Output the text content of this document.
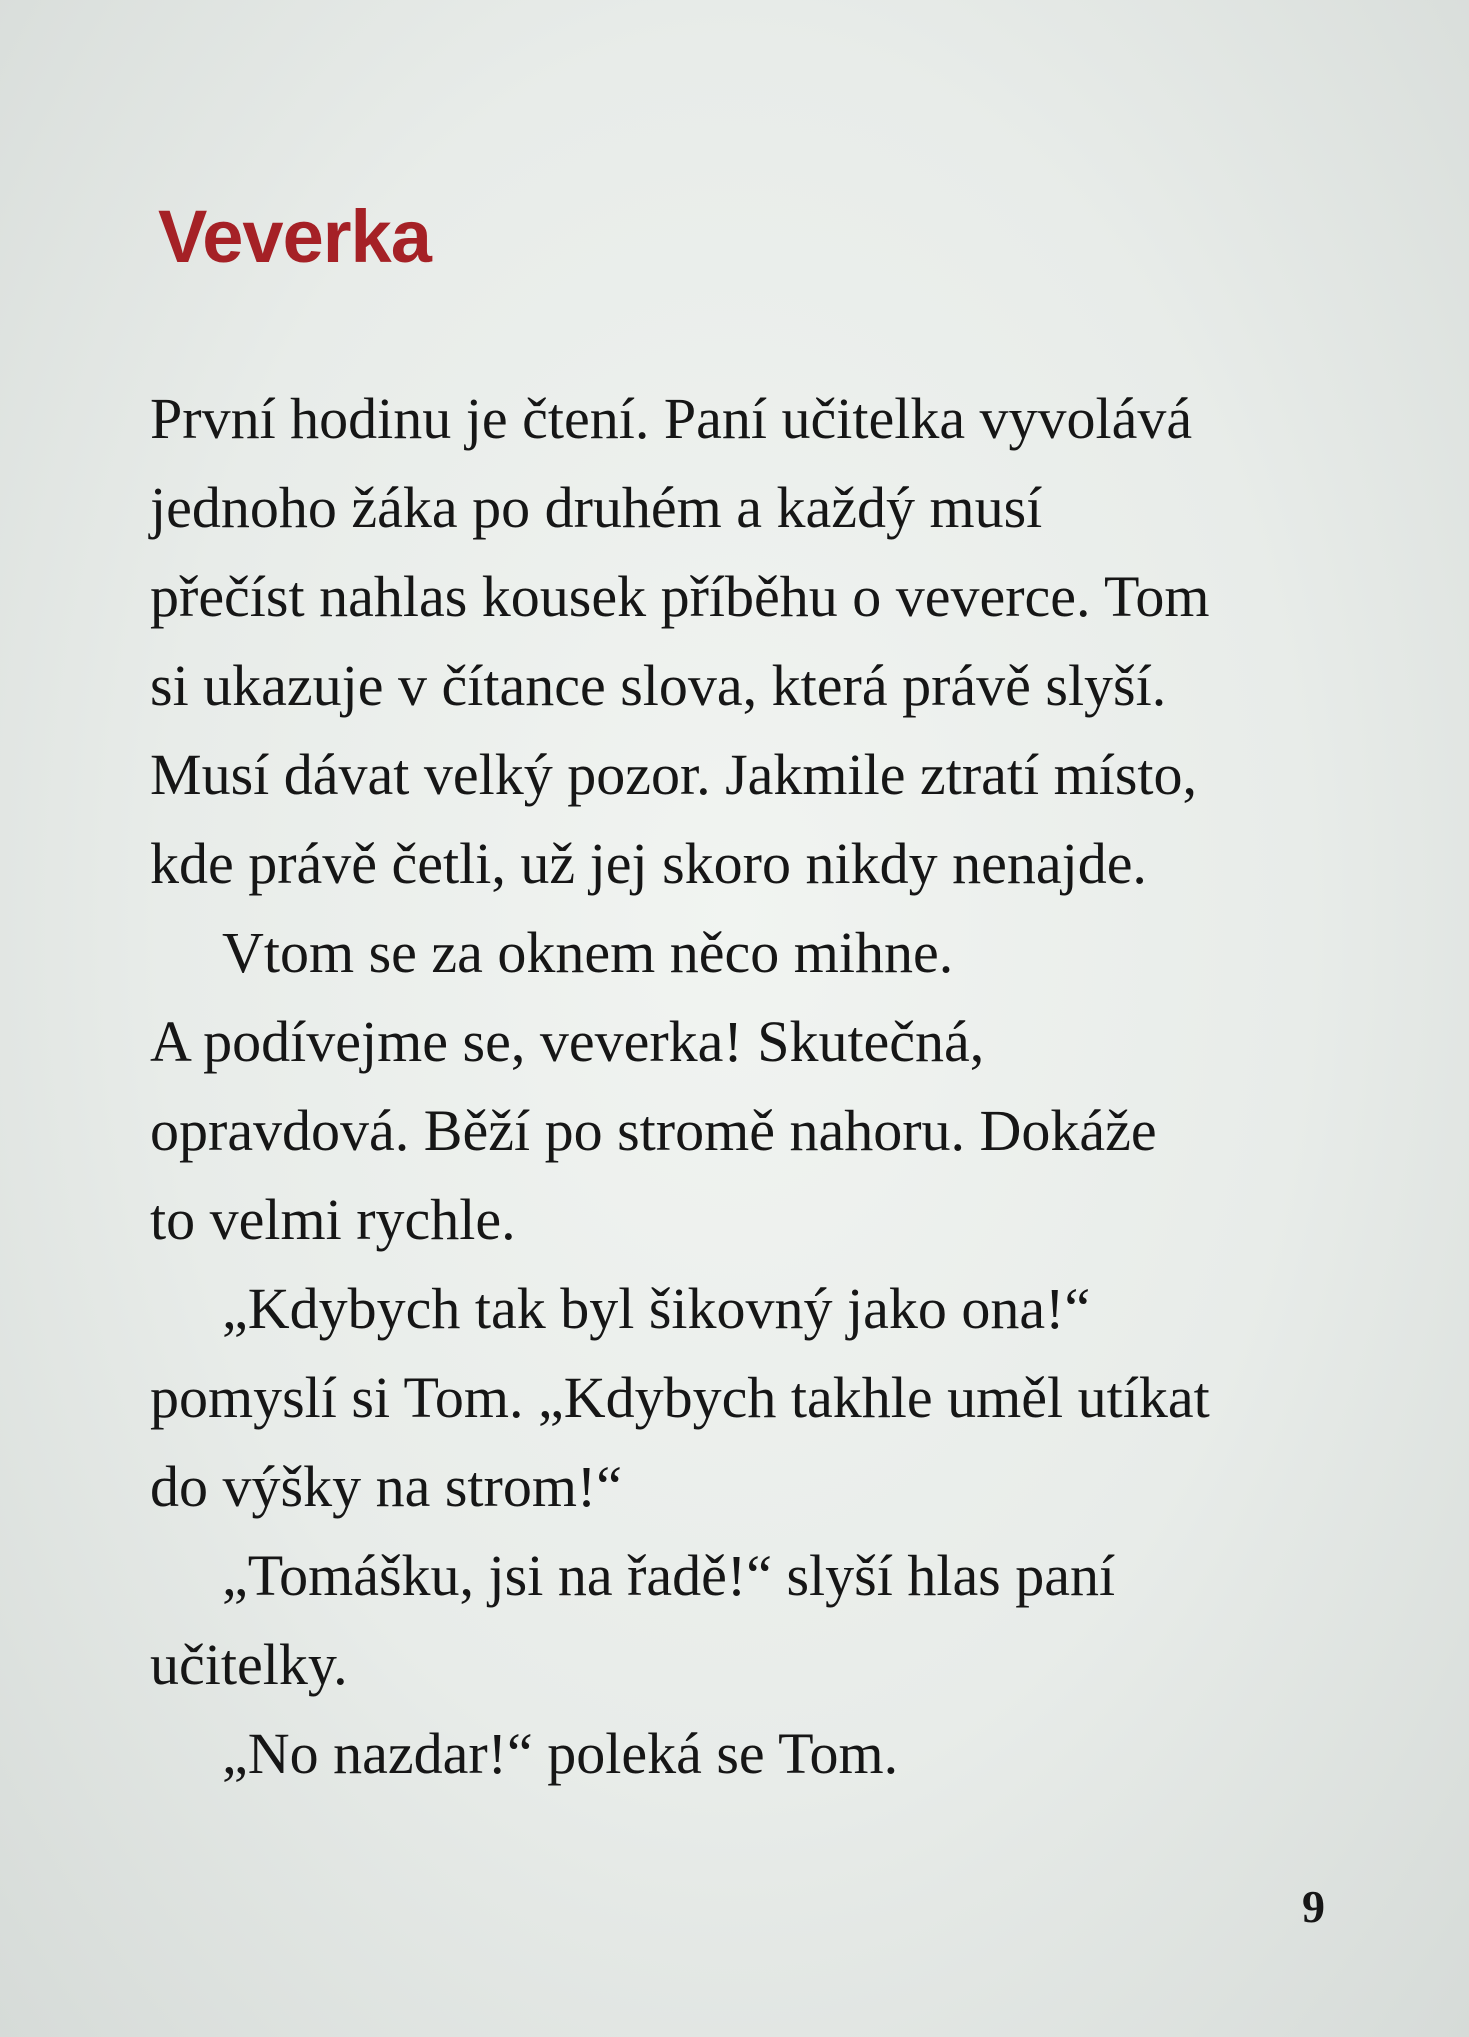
Veverka
První hodinu je čtení. Paní učitelka vyvolává
jednoho žáka po druhém a každý musí
přečíst nahlas kousek příběhu o veverce. Tom
si ukazuje v čítance slova, která právě slyší.
Musí dávat velký pozor. Jakmile ztratí místo,
kde právě četli, už jej skoro nikdy nenajde.
Vtom se za oknem něco mihne.
A podívejme se, veverka! Skutečná,
opravdová. Běží po stromě nahoru. Dokáže
to velmi rychle.
„Kdybych tak byl šikovný jako ona!“
pomyslí si Tom. „Kdybych takhle uměl utíkat
do výšky na strom!“
„Tomášku, jsi na řadě!“ slyší hlas paní
učitelky.
„No nazdar!“ poleká se Tom.
9
